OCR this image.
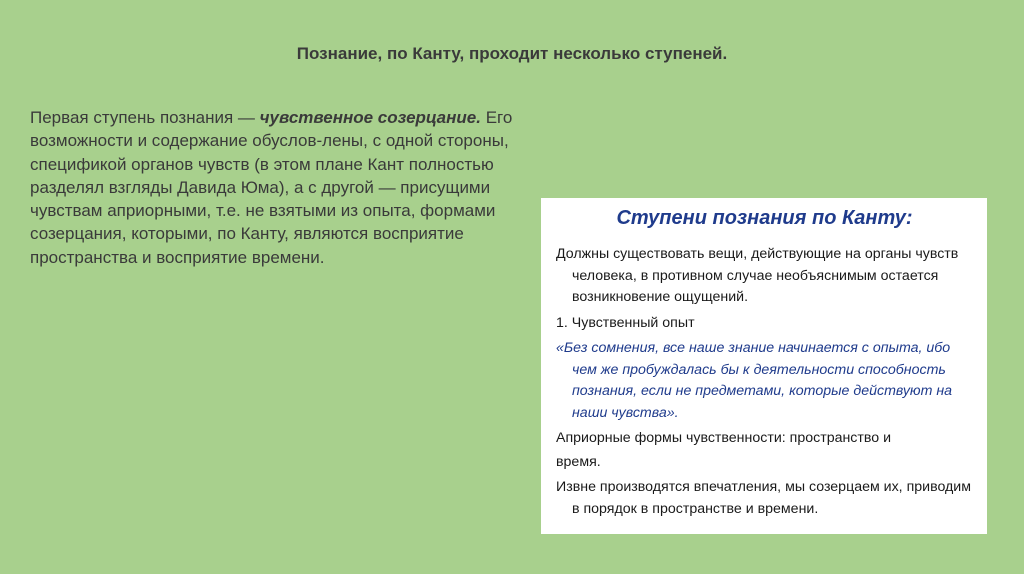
Познание, по Канту, проходит несколько ступеней.

Первая ступень познания — чувственное созерцание. Его возможности и содержание обуслов-лены, с одной стороны, спецификой органов чувств (в этом плане Кант полностью разделял взгляды Давида Юма), а с другой — присущими чувствам априорными, т.е. не взятыми из опыта, формами созерцания, которыми, по Канту, являются восприятие пространства и восприятие времени.

Ступени познания по Канту:

Должны существовать вещи, действующие на органы чувств человека, в противном случае необъяснимым остается возникновение ощущений.

1. Чувственный опыт

«Без сомнения, все наше знание начинается с опыта, ибо чем же пробуждалась бы к деятельности способность познания, если не предметами, которые действуют на наши чувства».

Априорные формы чувственности: пространство и

время.

Извне производятся впечатления, мы созерцаем их, приводим в порядок в пространстве и времени.
